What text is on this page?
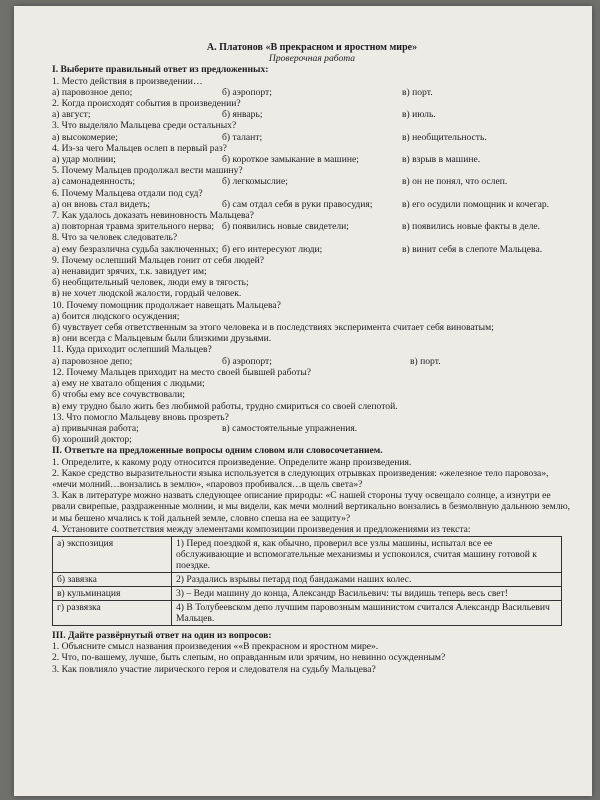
А. Платонов «В прекрасном и яростном мире»
Проверочная работа
I. Выберите правильный ответ из предложенных:
1. Место действия в произведении…
а) паровозное депо;	б) аэропорт;	в) порт.
2. Когда происходят события в произведении?
а) август;	б) январь;	в) июль.
3. Что выделяло Мальцева среди остальных?
а) высокомерие;	б) талант;	в) необщительность.
4. Из-за чего Мальцев ослеп в первый раз?
а) удар молнии;	б) короткое замыкание в машине;	в) взрыв в машине.
5. Почему Мальцев продолжал вести машину?
а) самонадеянность;	б) легкомыслие;	в) он не понял, что ослеп.
6. Почему Мальцева отдали под суд?
а) он вновь стал видеть;	б) сам отдал себя в руки правосудия;	в) его осудили помощник и кочегар.
7. Как удалось доказать невиновность Мальцева?
а) повторная травма зрительного нерва; б) появились новые свидетели;	в) появились новые факты в деле.
8. Что за человек следователь?
а) ему безразлична судьба заключенных; б) его интересуют люди;	в) винит себя в слепоте Мальцева.
9. Почему ослепший Мальцев гонит от себя людей?
а) ненавидит зрячих, т.к. завидует им;
б) необщительный человек, люди ему в тягость;
в) не хочет людской жалости, гордый человек.
10. Почему помощник продолжает навещать Мальцева?
а) боится людского осуждения;
б) чувствует себя ответственным за этого человека и в последствиях эксперимента считает себя виноватым;
в) они всегда с Мальцевым были близкими друзьями.
11. Куда приходит ослепший Мальцев?
а) паровозное депо;	б) аэропорт;	в) порт.
12. Почему Мальцев приходит на место своей бывшей работы?
а) ему не хватало общения с людьми;
б) чтобы ему все сочувствовали;
в) ему трудно было жить без любимой работы, трудно смириться со своей слепотой.
13. Что помогло Мальцеву вновь прозреть?
а) привычная работа;	в) самостоятельные упражнения.
б) хороший доктор;
II. Ответьте на предложенные вопросы одним словом или словосочетанием.
1. Определите, к какому роду относится произведение. Определите жанр произведения.
2. Какое средство выразительности языка используется в следующих отрывках произведения: «железное тело паровоза», «мечи молний…вонзались в землю», «паровоз пробивался…в щель света»?
3. Как в литературе можно назвать следующее описание природы: «С нашей стороны тучу освещало солнце, а изнутри ее рвали свирепые, раздраженные молнии, и мы видели, как мечи молний вертикально вонзались в безмолвную дальнюю землю, и мы бешено мчались к той дальней земле, словно спеша на ее защиту»?
4. Установите соответствия между элементами композиции произведения и предложениями из текста:
а) экспозиция	1) Перед поездкой я, как обычно, проверил все узлы машины, испытал все ее обслуживающие и вспомогательные механизмы и успокоился, считая машину готовой к поездке.
б) завязка	2) Раздались взрывы петард под бандажами наших колес.
в) кульминация	3) – Веди машину до конца, Александр Васильевич: ты видишь теперь весь свет!
г) развязка	4) В Толубеевском депо лучшим паровозным машинистом считался Александр Васильевич Мальцев.
III. Дайте развёрнутый ответ на один из вопросов:
1. Объясните смысл названия произведения ««В прекрасном и яростном мире».
2. Что, по-вашему, лучше, быть слепым, но оправданным или зрячим, но невинно осужденным?
3. Как повлияло участие лирического героя и следователя на судьбу Мальцева?
